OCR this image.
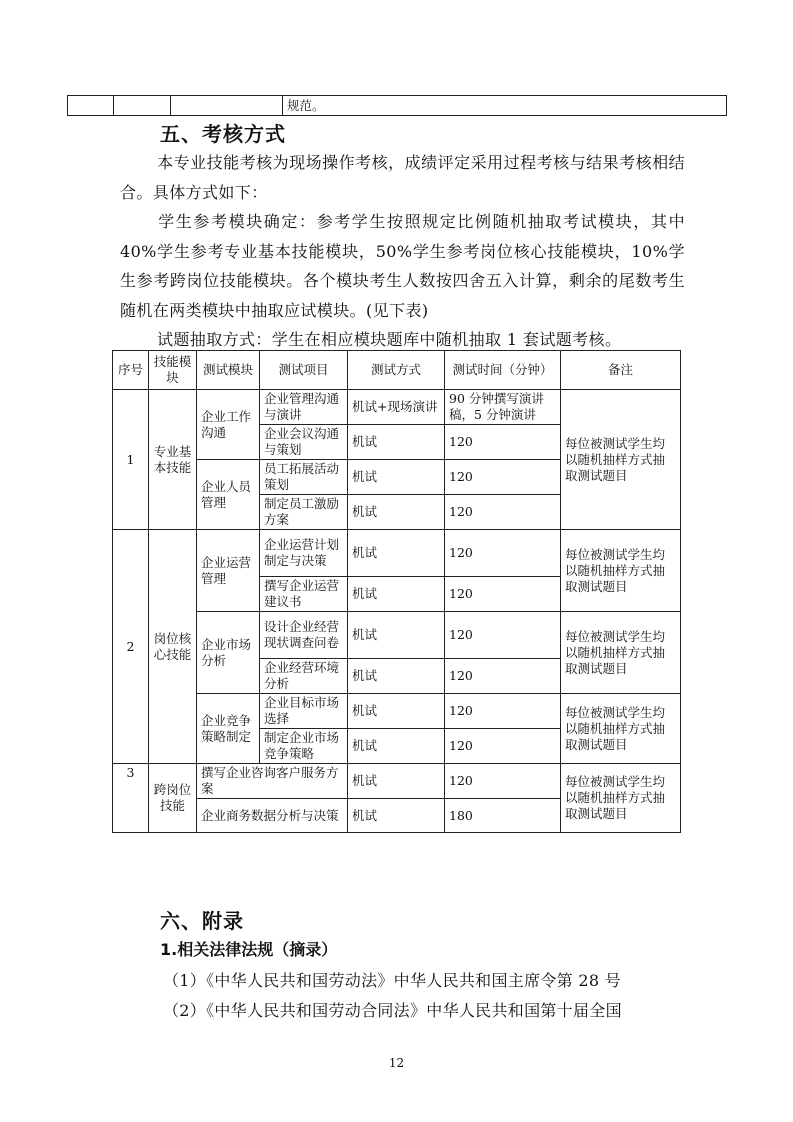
			规范。
五、考核方式
本专业技能考核为现场操作考核，成绩评定采用过程考核与结果考核相结合。具体方式如下：
学生参考模块确定：参考学生按照规定比例随机抽取考试模块，其中 40%学生参考专业基本技能模块，50%学生参考岗位核心技能模块，10%学生参考跨岗位技能模块。各个模块考生人数按四舍五入计算，剩余的尾数考生随机在两类模块中抽取应试模块。(见下表)
试题抽取方式：学生在相应模块题库中随机抽取 1 套试题考核。
序号	技能模块	测试模块	测试项目	测试方式	测试时间（分钟）	备注
1	专业基本技能	企业工作沟通	企业管理沟通与演讲	机试+现场演讲	90 分钟撰写演讲稿，5 分钟演讲	每位被测试学生均以随机抽样方式抽取测试题目
			企业会议沟通与策划	机试	120	
		企业人员管理	员工拓展活动策划	机试	120	
			制定员工激励方案	机试	120	
2	岗位核心技能	企业运营管理	企业运营计划制定与决策	机试	120	每位被测试学生均以随机抽样方式抽取测试题目
			撰写企业运营建议书	机试	120	
		企业市场分析	设计企业经营现状调查问卷	机试	120	每位被测试学生均以随机抽样方式抽取测试题目
			企业经营环境分析	机试	120	
		企业竞争策略制定	企业目标市场选择	机试	120	每位被测试学生均以随机抽样方式抽取测试题目
			制定企业市场竞争策略	机试	120	
3	跨岗位技能	撰写企业咨询客户服务方案		机试	120	每位被测试学生均以随机抽样方式抽取测试题目
		企业商务数据分析与决策		机试	180	
六、附录
1.相关法律法规（摘录）
（1）《中华人民共和国劳动法》中华人民共和国主席令第 28 号
（2）《中华人民共和国劳动合同法》中华人民共和国第十届全国
12
